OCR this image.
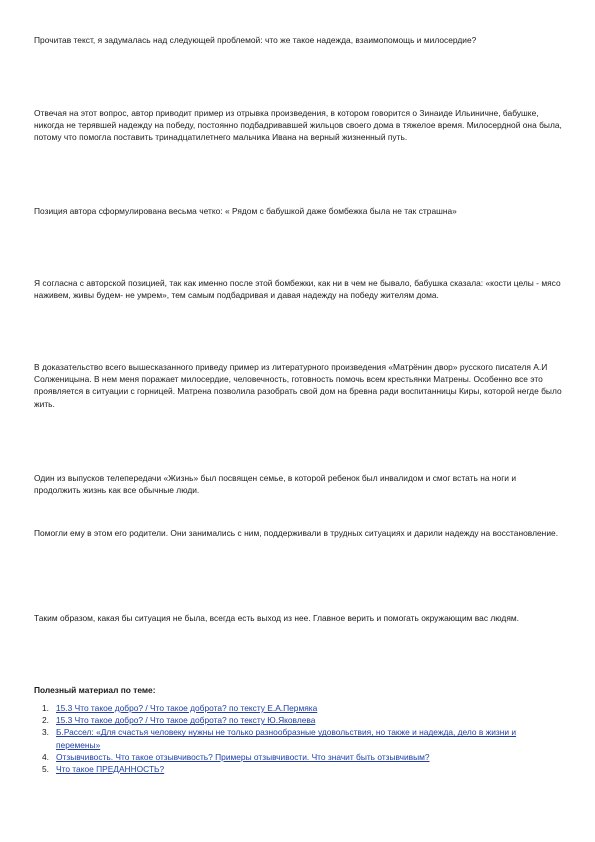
Прочитав текст, я задумалась над следующей проблемой: что же такое надежда, взаимопомощь и милосердие?

Отвечая на этот вопрос, автор приводит пример из отрывка произведения, в котором говорится о Зинаиде Ильиничне, бабушке, никогда не терявшей надежду на победу, постоянно подбадривавшей жильцов своего дома в тяжелое время. Милосердной она была, потому что помогла поставить тринадцатилетнего мальчика Ивана на верный жизненный путь.

Позиция автора сформулирована весьма четко: « Рядом с бабушкой даже бомбежка была не так страшна»

Я согласна с авторской позицией, так как именно после этой бомбежки, как ни в чем не бывало, бабушка сказала: «кости целы - мясо наживем, живы будем- не умрем», тем самым подбадривая и давая надежду на победу жителям дома.

В доказательство всего вышесказанного приведу пример из литературного произведения «Матрёнин двор» русского писателя А.И Солженицына. В нем меня поражает милосердие, человечность, готовность помочь всем крестьянки Матрены. Особенно все это проявляется в ситуации с горницей. Матрена позволила разобрать свой дом на бревна ради воспитанницы Киры, которой негде было жить.

Один из выпусков телепередачи «Жизнь» был посвящен семье, в которой ребенок был инвалидом и смог встать на ноги и продолжить жизнь как все обычные люди.

Помогли ему в этом его родители. Они занимались с ним, поддерживали в трудных ситуациях и дарили надежду на восстановление.

Таким образом, какая бы ситуация не была, всегда есть выход из нее. Главное верить и помогать окружающим вас людям.

Полезный материал по теме:

1. 15.3 Что такое добро? / Что такое доброта? по тексту Е.А.Пермяка
2. 15.3 Что такое добро? / Что такое доброта? по тексту Ю.Яковлева
3. Б.Рассел: «Для счастья человеку нужны не только разнообразные удовольствия, но также и надежда, дело в жизни и перемены»
4. Отзывчивость. Что такое отзывчивость? Примеры отзывчивости. Что значит быть отзывчивым?
5. Что такое ПРЕДАННОСТЬ?
